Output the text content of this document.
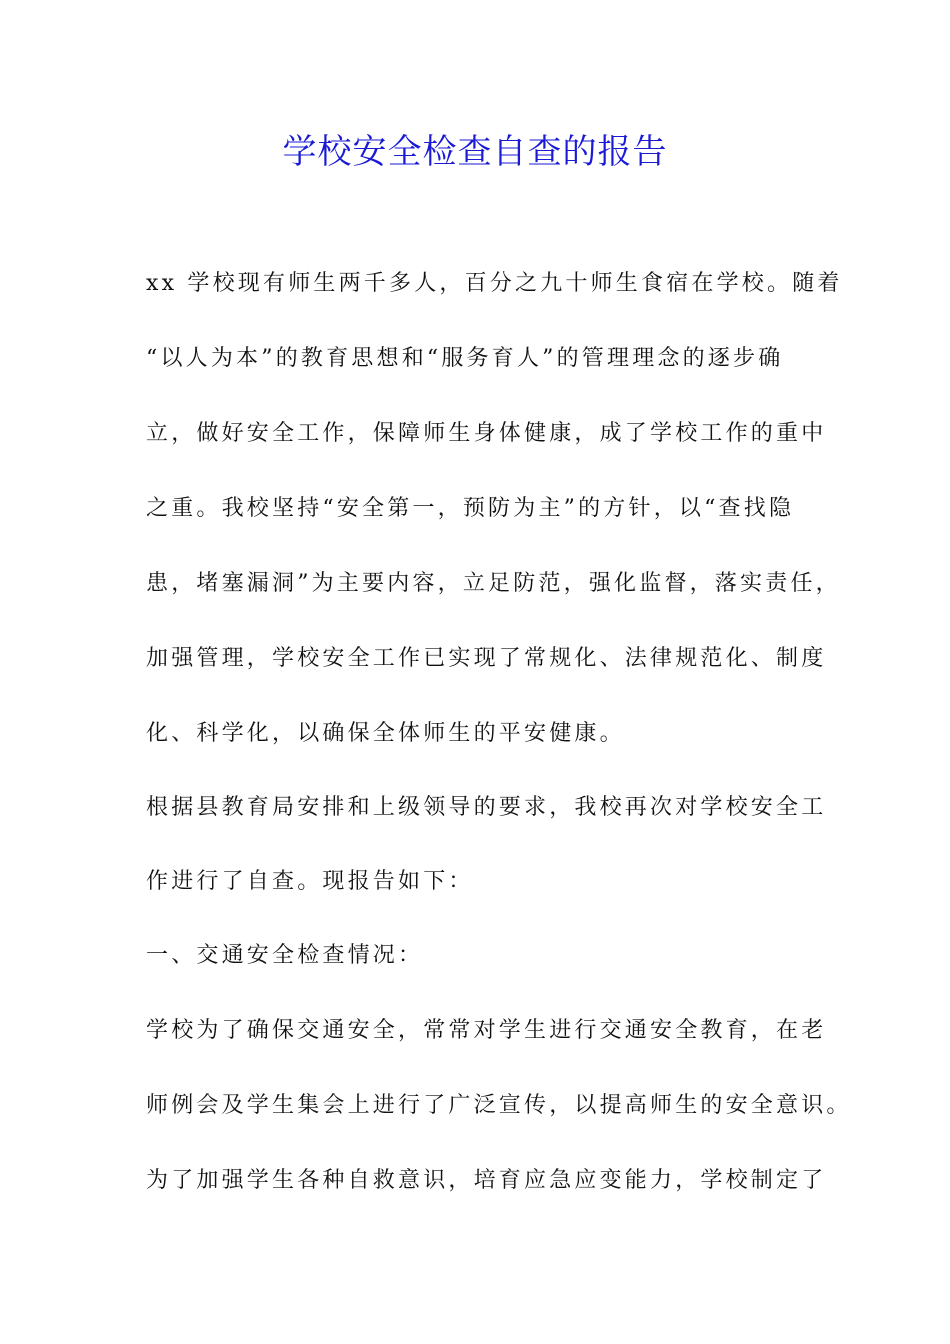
学校安全检查自查的报告
xx 学校现有师生两千多人，百分之九十师生食宿在学校。随着
“以人为本”的教育思想和“服务育人”的管理理念的逐步确
立，做好安全工作，保障师生身体健康，成了学校工作的重中
之重。我校坚持“安全第一，预防为主”的方针，以“查找隐
患，堵塞漏洞”为主要内容，立足防范，强化监督，落实责任，
加强管理，学校安全工作已实现了常规化、法律规范化、制度
化、科学化，以确保全体师生的平安健康。
根据县教育局安排和上级领导的要求，我校再次对学校安全工
作进行了自查。现报告如下：
一、交通安全检查情况：
学校为了确保交通安全，常常对学生进行交通安全教育，在老
师例会及学生集会上进行了广泛宣传，以提高师生的安全意识。
为了加强学生各种自救意识，培育应急应变能力，学校制定了
